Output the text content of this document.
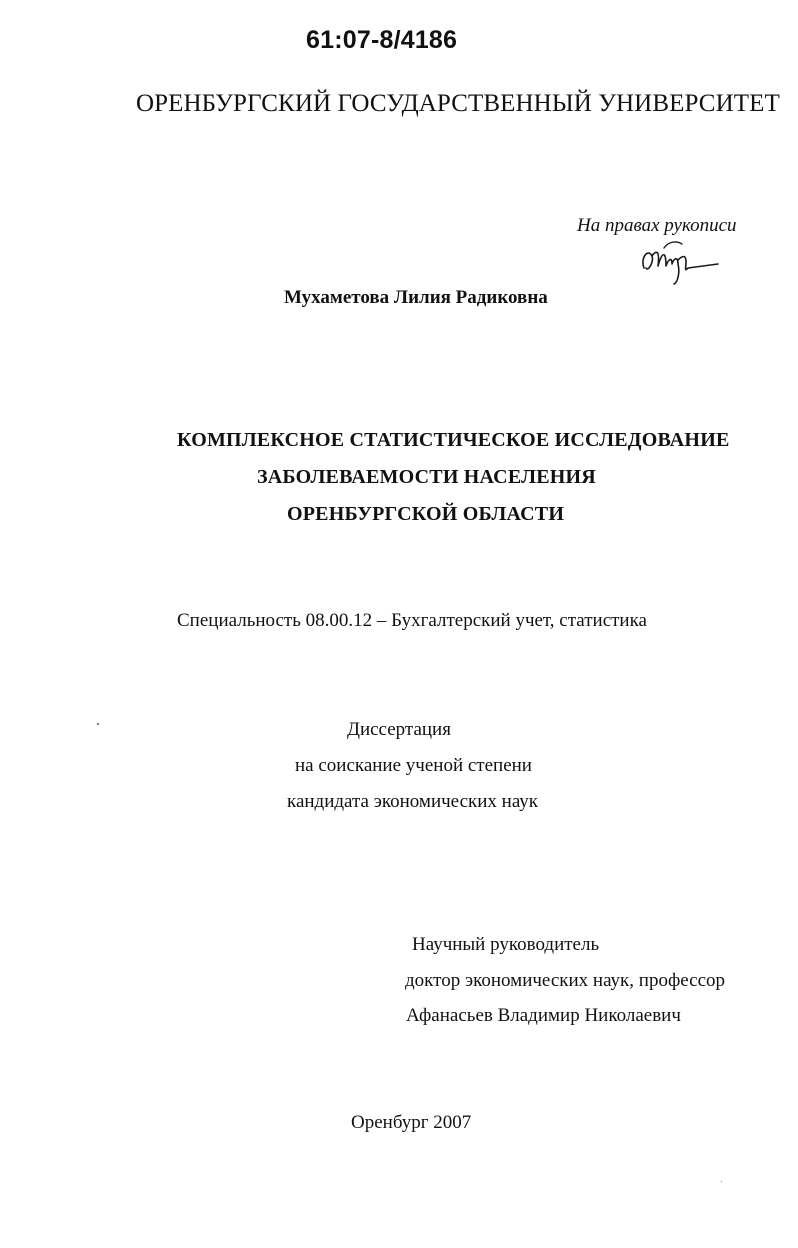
61:07-8/4186

ОРЕНБУРГСКИЙ ГОСУДАРСТВЕННЫЙ УНИВЕРСИТЕТ

На правах рукописи

Мухаметова Лилия Радиковна

КОМПЛЕКСНОЕ СТАТИСТИЧЕСКОЕ ИССЛЕДОВАНИЕ

ЗАБОЛЕВАЕМОСТИ НАСЕЛЕНИЯ

ОРЕНБУРГСКОЙ ОБЛАСТИ

Специальность 08.00.12 – Бухгалтерский учет, статистика

Диссертация

на соискание ученой степени

кандидата экономических наук

Научный руководитель

доктор экономических наук, профессор

Афанасьев Владимир Николаевич

Оренбург 2007
